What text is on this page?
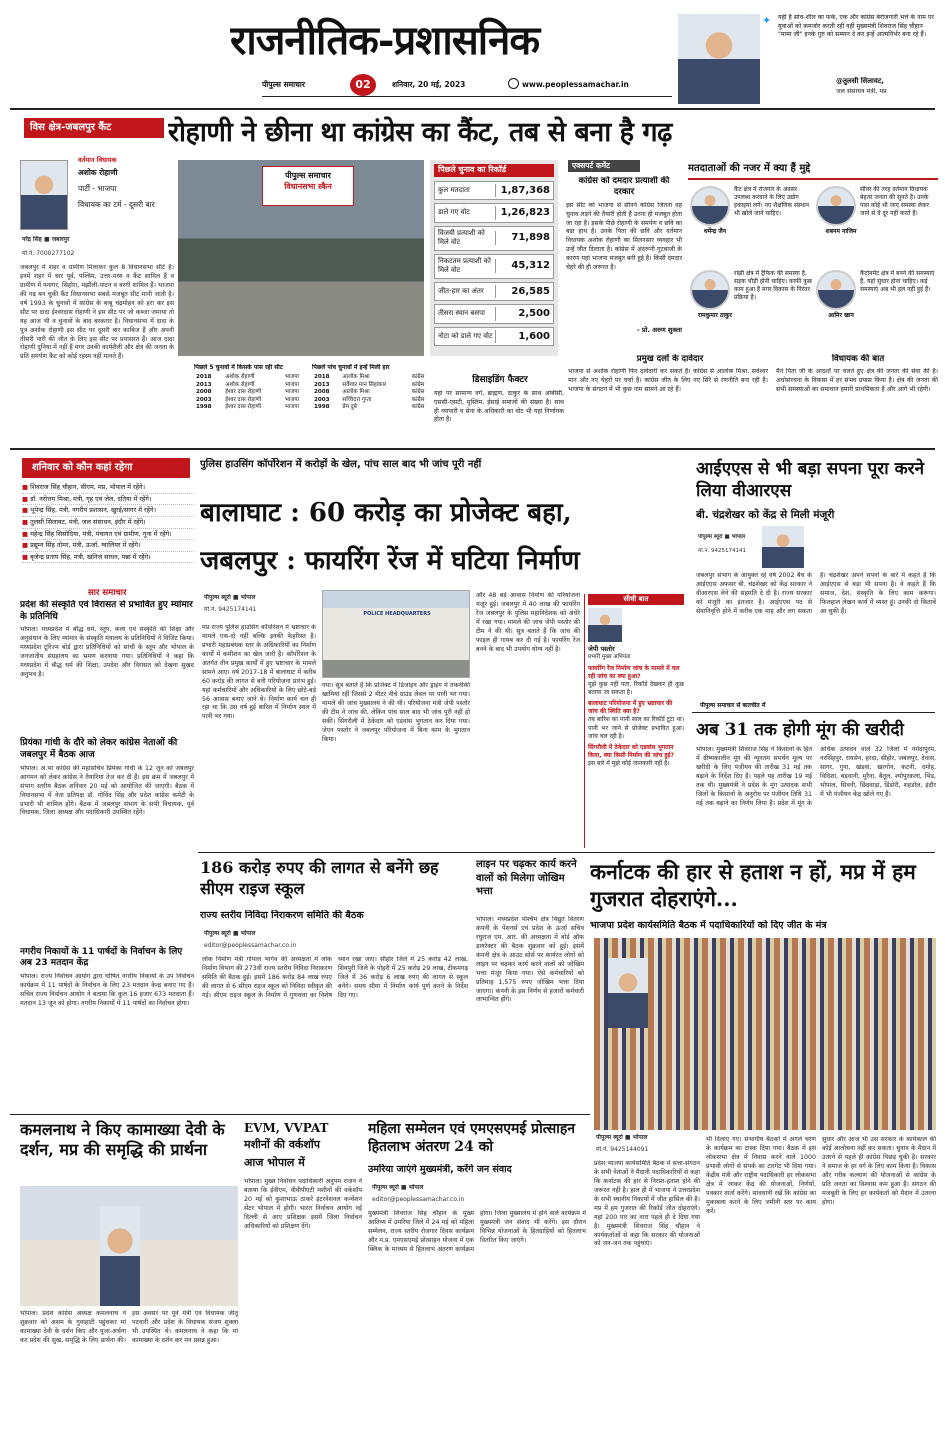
राजनीतिक-प्रशासनिक
पीपुल्स समाचार	02	शनिवार, 20 मई, 2023	www.peoplessamachar.in
✦	यही है सोच-शील का फर्क, एक और कांग्रेस बेरोजगारी भत्ते के नाम पर युवाओं को कमजोर करती रही वहीं मुख्यमंत्री शिवराज सिंह चौहान "मामा जी" इनके गुरु को सम्मान दे कर इन्हें आत्मनिर्भर बना रहे हैं।
@तुलसी सिलावट,
जल संसाधन मंत्री, मप्र
विस क्षेत्र-जबलपुर कैंट	रोहाणी ने छीना था कांग्रेस का कैंट, तब से बना है गढ़
वर्तमान विधायक
अशोक रोहाणी
पार्टी - भाजपा
विधायक का टर्म - दूसरी बार
नरेंद्र सिंह ■ जबलपुर
मो.नं. 7000277102
जबलपुर में शहर व ग्रामीण मिलाकर कुल 8 विधानसभा सीटें हैं। इनमें शहर में चार पूर्व, पश्चिम, उत्तर-मध्य व कैंट शामिल हैं व ग्रामीण में पनागर, सिहोरा, मंझौली-पाटन व बरगी शामिल हैं। भाजपा की गढ़ बन चुकी कैंट विधानसभा सबसे मजबूत सीट मानी जाती है। वर्ष 1993 के चुनावों में कांग्रेस के बाबू चंद्रमोहन को हरा कर इस सीट पर दादा ईश्वरदास रोहाणी ने इस सीट पर जो कब्जा जमाया तो यह आज भी व चुनावों के बाद बरकरार है। विधानसभा में दादा के पुत्र अशोक रोहाणी इस सीट पर दूसरी बार काबिज हैं और अपनी तीसरी पारी की जीत के लिए इस सीट पर प्रयासरत हैं। आज दादा रोहाणी दुनिया में नहीं हैं मगर उनकी कार्यशैली और क्षेत्र की जनता के प्रति समर्पण कैंट को कोई रहस्य नहीं मानते हैं।
पीपुल्स समाचार
विधानसभा स्कैन
पिछले चुनाव का रिकॉर्ड
कुल मतदाता	1,87,368
डाले गए वोट	1,26,823
विजयी प्रत्याशी को मिले वोट	71,898
निकटतम प्रत्याशी को मिले वोट	45,312
जीत-हार का अंतर	26,585
तीसरा स्थान बसपा	2,500
नोटा को डाले गए वोट	1,600
एक्सपर्ट कमेंट
कांग्रेस को दमदार प्रत्याशी की दरकार
इस सीट को भाजपा से छीनने कांग्रेस जितना वह चुनाव लड़ने की तैयारी होती है उतना ही मजबूत होता जा रहा है। इसके पीछे रोहाणी के समर्पण व छवि का बड़ा हाथ है। उनके पिता की छवि और वर्तमान विधायक अशोक रोहाणी का मिलनसार व्यवहार भी उन्हें जीत दिलाता है। कांग्रेस में अंदरूनी गुटबाजी के कारण यहां भाजपा मजबूत बनी हुई है। किसी दमदार चेहरे की ही जरूरत है।
- प्रो. अरुण शुक्ला
मतदाताओं की नजर में क्या हैं मुद्दे
कैंट क्षेत्र में रोजगार के अवसर उपलब्ध करवाने के लिए उद्योग इकाइयां लगें। नए शैक्षणिक संस्थान भी खोले जाने चाहिए।
धर्मेन्द्र जैन
सीवर की तरह वर्तमान विधायक बेहतर जनता की सुनते हैं। उनके पास कोई भी जाए समस्या लेकर जाने से वे दूर नहीं करते हैं।
शबनम नाजिम
रांझी क्षेत्र में ट्रैफिक की समस्या है, सड़क चौड़ी होनी चाहिए। काफी कुछ काम हुआ है मगर विकास के निरंतर प्रक्रिया है।
रामकुमार ठाकुर
कैंटोनमेंट क्षेत्र में बनने की समस्याएं हैं, यहां सुधार होना चाहिए। कई समस्याएं अब भी हल नहीं हुई हैं।
आमिर खान
पिछले 5 चुनावों में किसके पास रही सीट
2018	अशोक रोहाणी	भाजपा
2013	अशोक रोहाणी	भाजपा
2008	ईश्वर दास रोहाणी	भाजपा
2003	ईश्वर दास रोहाणी	भाजपा
1998	ईश्वर दास रोहाणी	भाजपा
पिछले पांच चुनावों में इन्हें मिली हार
2018	आलोक मिश्रा	कांग्रेस
2013	सर्वेश्वर मान सिंहांकार	कांग्रेस
2008	आलोक मिश्रा	कांग्रेस
2003	सच्चिदत्त गुप्ता	कांग्रेस
1998	प्रेम दुबे	कांग्रेस
डिसाइडिंग फैक्टर
यहां पर सामान्य वर्ग, ब्राह्मण, ठाकुर के साथ ओबीसी, एससी-एसटी, मुस्लिम, ईसाई समाजों की संख्या है। साथ ही व्यापारी व सेना के अधिकारी का वोट भी यहां निर्णायक होता है।
प्रमुख दलों के दावेदार
भाजपा से अशोक रोहाणी फिर दावेदारी कर सकते हैं। कांग्रेस से आलोक मिश्रा, सर्वेश्वर मान और नए चेहरों पर चर्चा है। कांग्रेस जीत के लिए नए सिरे से रणनीति बना रही है। भाजपा के संगठन में भी कुछ नाम सामने आ रहे हैं।
विधायक की बात
मैंने पिता जी के आदर्शों पर चलते हुए क्षेत्र की जनता की सेवा की है। अधोसंरचना के विकास में हर संभव प्रयास किया है। क्षेत्र की जनता की सभी समस्याओं का समाधान हमारी प्राथमिकता है और आगे भी रहेगी।
शनिवार को कौन कहां रहेगा
■ शिवराज सिंह चौहान, सीएम, मप्र, भोपाल में रहेंगे।
■ डॉ. नरोत्तम मिश्रा, मंत्री, गृह एवं जेल, दतिया में रहेंगे।
■ भूपेन्द्र सिंह, मंत्री, नगरीय प्रशासन, खुरई/सागर में रहेंगे।
■ तुलसी सिलावट, मंत्री, जल संसाधन, इंदौर में रहेंगे।
■ महेन्द्र सिंह सिसोदिया, मंत्री, पंचायत एवं ग्रामीण, गुना में रहेंगे।
■ प्रद्युम्न सिंह तोमर, मंत्री, ऊर्जा, ग्वालियर में रहेंगे।
■ बृजेन्द्र प्रताप सिंह, मंत्री, खनिज साधन, पन्ना में रहेंगे।
सार समाचार
प्रदेश की संस्कृति एवं विरासत से प्रभावित हुए म्यांमार के प्रतिनिधि
भोपाल। मध्यप्रदेश में बौद्ध धर्म, स्तूप, कला एवं संस्कृति की शिक्षा और अनुसंधान के लिए म्यांमार के संस्कृति मंत्रालय के प्रतिनिधियों ने विजिट किया। मध्यप्रदेश टूरिज्म बोर्ड द्वारा प्रतिनिधियों को सांची के स्तूप और भोपाल के जनजातीय संग्रहालय का भ्रमण करवाया गया। प्रतिनिधियों ने कहा कि मध्यप्रदेश में बौद्ध धर्म की शिक्षा, उपदेश और विरासत को देखना सुखद अनुभव है।
प्रियंका गांधी के दौरे को लेकर कांग्रेस नेताओं की जबलपुर में बैठक आज
भोपाल। अ.भा कांग्रेस की महासचिव प्रियंका गांधी के 12 जून को जबलपुर आगमन को लेकर कांग्रेस ने तैयारियां तेज कर दी हैं। इस क्रम में जबलपुर में संभाग स्तरीय बैठक शनिवार 20 मई को आयोजित की जाएगी। बैठक में विधानसभा में नेता प्रतिपक्ष डॉ. गोविंद सिंह और प्रदेश कांग्रेस कमेटी के प्रभारी भी शामिल होंगे। बैठक में जबलपुर संभाग के सभी विधायक, पूर्व विधायक, जिला अध्यक्ष और पदाधिकारी उपस्थित रहेंगे।
नगरीय निकायों के 11 पार्षदों के निर्वाचन के लिए अब 23 मतदान केंद्र
भोपाल। राज्य निर्वाचन आयोग द्वारा घोषित नगरीय निकायों के उप निर्वाचन कार्यक्रम में 11 पार्षदों के निर्वाचन के लिए 23 मतदान केन्द्र बनाए गए हैं। सचिव राज्य निर्वाचन आयोग ने बताया कि कुल 16 हजार 673 मतदाता हैं। मतदान 13 जून को होगा। नगरीय निकायों में 11 पार्षदों का निर्वाचन होगा।
पुलिस हाउसिंग कॉर्पोरेशन में करोड़ों के खेल, पांच साल बाद भी जांच पूरी नहीं
बालाघाट : 60 करोड़ का प्रोजेक्ट बहा,
जबलपुर : फायरिंग रेंज में घटिया निर्माण
पीपुल्स ब्यूरो ■ भोपाल
मो.नं. 9425174141
POLICE HEADQUARTERS
मप्र राज्य पुलिस हाउसिंग कॉर्पोरेशन में भ्रष्टाचार के मामले एक-दो नहीं बल्कि इनकी फेहरिस्त है। प्रभारी महाप्रबंधक स्तर के अधिकारियों का निर्माण कार्यों में कमीशन का खेल जारी है। कॉर्पोरेशन के अंतर्गत तीन प्रमुख कार्यों में हुए भ्रष्टाचार के मामले सामने आए। वर्ष 2017-18 में बालाघाट में करीब 60 करोड़ की लागत से बनी परियोजना प्रारंभ हुई। यहां कर्मचारियों और अधिकारियों के लिए छोटे-बड़े 56 आवास बनाए जाने थे। निर्माण कार्य चल ही रहा था कि उस वर्ष हुई बारिश में निर्माण स्थल में पानी भर गया।
गया। सूत्र बताते हैं कि प्रोजेक्ट में डिजाइन और ड्राइंग में तकनीकी खामियां रहीं जिससे 2 मीटर नीचे ग्राउंड लेवल पर पानी भर गया। मामले की जांच मुख्यालय ने की थी। परियोजना मंत्री जेपी पस्तोर की टीम ने जांच की, लेकिन पांच साल बाद भी जांच पूरी नहीं हो सकी। सिंगरौली में ठेकेदार को एडवांस भुगतान कर दिया गया। जेएन पस्तोर ने जबलपुर परियोजना में बिना काम के भुगतान किया।
और 48 बड़े आवास निर्माण की परियोजना मंजूर हुई। जबलपुर में 40 लाख की फायरिंग रेंज जबलपुर के पुलिस महानिदेशक को अंधेरे में रखा गया। मामले की जांच जेपी पस्तोर की टीम ने की थी। सूत्र बताते हैं कि जांच की फाइल ही गायब कर दी गई है। फायरिंग रेंज बनने के बाद भी उपयोग योग्य नहीं है।
सीधी बात
जेपी पस्तोर
प्रभारी मुख्य अभियंता
फायरिंग रेंज निर्माण जांच के मामले में चल रही जांच का क्या हुआ?
मुझे कुछ नहीं पता, रिकॉर्ड देखकर ही कुछ बताया जा सकता है।
बालाघाट परियोजना में हुए भ्रष्टाचार की जांच की स्थिति क्या है?
तब बारिश का पानी साल का रिकॉर्ड टूटा था। पानी भर जाने से प्रोजेक्ट प्रभावित हुआ। जांच चल रही है।
सिंगरौली में ठेकेदार को एडवांस भुगतान किया, क्या किसी निर्माण की जांच हुई?
इस बारे में मुझे कोई जानकारी नहीं है।
आईएएस से भी बड़ा सपना पूरा करने लिया वीआरएस
बी. चंद्रशेखर को केंद्र से मिली मंजूरी
पीपुल्स ब्यूरो ■ भोपाल
मो.नं. 9425174141
जबलपुर संभाग के आयुक्त रहे वर्ष 2002 बैच के आईएएस अफसर बी. चंद्रशेखर को केंद्र सरकार ने वीआरएस लेने की सहमति दे दी है। राज्य सरकार को मंजूरी का इंतजार है। आईएएस पद से सेवानिवृत्ति होने में करीब एक माह और लग सकता है। चंद्रशेखर अपने सपनों के बारे में कहते हैं कि आईएएस से बड़ा भी सपना है। वे कहते हैं कि समाज, देश, संस्कृति के लिए काम करूंगा। फिलहाल लेखन कार्य में व्यस्त हूं। उनकी दो किताबें आ चुकी हैं।
पीपुल्स समाचार से बातचीत में
अब 31 तक होगी मूंग की खरीदी
भोपाल। मुख्यमंत्री शिवराज सिंह ने किसानों के हित में ग्रीष्मकालीन मूंग की न्यूनतम समर्थन मूल्य पर खरीदी के लिए पंजीयन की तारीख 31 मई तक बढ़ाने के निर्देश दिए हैं। पहले यह तारीख 19 मई तक थी। मुख्यमंत्री ने प्रदेश के मूंग उत्पादक सभी जिलों के किसानों के अनुरोध पर पंजीयन तिथि 31 मई तक बढ़ाने का निर्णय लिया है। प्रदेश में मूंग के अधिक उत्पादन वाले 32 जिलों में नर्मदापुरम, नरसिंहपुर, रायसेन, हरदा, सीहोर, जबलपुर, देवास, सागर, गुना, खंडवा, खरगोन, कटनी, दमोह, विदिशा, बड़वानी, मुरैना, बैतूल, श्योपुरकलां, भिंड, भोपाल, सिवनी, छिंदवाड़ा, डिंडोरी, शहडोल, इंदौर में भी पंजीयन केंद्र खोले गए हैं।
186 करोड़ रुपए की लागत से बनेंगे छह सीएम राइज स्कूल
राज्य स्तरीय निविदा निराकरण समिति की बैठक
पीपुल्स ब्यूरो ■ भोपाल
editor@peoplessamachar.co.in
लोक निर्माण मंत्री गोपाल भार्गव की अध्यक्षता में लोक निर्माण विभाग की 273वीं राज्य स्तरीय निविदा निराकरण समिति की बैठक हुई। इसमें 186 करोड़ 84 लाख रुपए की लागत से 6 सीएम राइज स्कूल को निविदा स्वीकृत की गई। सीएम राइज स्कूल के निर्माण में गुणवत्ता का विशेष ध्यान रखा जाए। सीहोर जिले में 25 करोड़ 42 लाख, शिवपुरी जिले के पोहरी में 25 करोड़ 29 लाख, टीकमगढ़ जिले में 36 करोड़ 6 लाख रुपए की लागत से स्कूल बनेंगे। समय सीमा में निर्माण कार्य पूर्ण करने के निर्देश दिए गए।
लाइन पर चढ़कर कार्य करने वालों को मिलेगा जोखिम भत्ता
भोपाल। मध्यप्रदेश पश्चिम क्षेत्र विद्युत वितरण कंपनी के पेंशनर्स एवं प्रदेश के ऊर्जा सचिव रघुराज एम. आर. की अध्यक्षता में बोर्ड ऑफ डायरेक्टर की बैठक शुक्रवार को हुई। इसमें कंपनी क्षेत्र के आउट सोर्स पर कार्यरत लोगों को लाइन पर चढ़कर कार्य करने वालों को जोखिम भत्ता मंजूर किया गया। ऐसे कर्मचारियों को प्रतिमाह 1,575 रुपए जोखिम भत्ता दिया जाएगा। कंपनी के इस निर्णय से हजारों कर्मचारी लाभान्वित होंगे।
कर्नाटक की हार से हताश न हों, मप्र में हम गुजरात दोहराएंगे...
भाजपा प्रदेश कार्यसमिति बैठक में पदाधिकारियों को दिए जीत के मंत्र
कमलनाथ ने किए कामाख्या देवी के दर्शन, मप्र की समृद्धि की प्रार्थना
भोपाल। प्रदेश कांग्रेस अध्यक्ष कमलनाथ ने शुक्रवार को असम के गुवाहाटी पहुंचकर मां कामाख्या देवी के दर्शन किए और पूजा-अर्चना कर प्रदेश की सुख, समृद्धि के लिए प्रार्थना की। इस अवसर पर पूर्व मंत्री एवं विधायक जीतू पटवारी और प्रदेश के विधायक संजय शुक्ला भी उपस्थित थे। कमलनाथ ने कहा कि मां कामाख्या के दर्शन कर मन प्रसन्न हुआ।
EVM, VVPAT
मशीनों की वर्कशॉप
आज भोपाल में
भोपाल। मुख्य निर्वाचन पदाधिकारी अनुपम राजन ने बताया कि ईवीएम, वीवीपीएटी मशीनों की वर्कशॉप 20 मई को कुशाभाऊ ठाकरे इंटरनेशनल कन्वेंशन सेंटर भोपाल में होगी। भारत निर्वाचन आयोग नई दिल्ली से आए प्रशिक्षक इसमें जिला निर्वाचन अधिकारियों को प्रशिक्षण देंगे।
महिला सम्मेलन एवं एमएसएमई प्रोत्साहन हितलाभ अंतरण 24 को
उमरिया जाएंगे मुख्यमंत्री, करेंगे जन संवाद
पीपुल्स ब्यूरो ■ भोपाल
editor@peoplessamachar.co.in
मुख्यमंत्री शिवराज सिंह चौहान के मुख्य आतिथ्य में उमरिया जिले में 24 मई को महिला सम्मेलन, राज्य स्तरीय रोजगार दिवस कार्यक्रम और म.प्र. एमएसएमई प्रोत्साहन योजना में एक क्लिक के माध्यम से हितलाभ अंतरण कार्यक्रम होगा। जिला मुख्यालय में होने वाले कार्यक्रम में मुख्यमंत्री जन संवाद भी करेंगे। इस दौरान विभिन्न योजनाओं के हितग्राहियों को हितलाभ वितरित किए जाएंगे।
पीपुल्स ब्यूरो ■ भोपाल
मो.नं. 9425144091
प्रदेश भाजपा कार्यसमिति बैठक में सत्ता-संगठन के सभी नेताओं ने मैदानी पदाधिकारियों से कहा कि कर्नाटक की हार से निराश-हताश होने की जरूरत नहीं है। हाल ही में भाजपा ने उत्तरप्रदेश के सभी स्थानीय निकायों में जीत हासिल की है। मप्र में हम गुजरात की रिकॉर्ड जीत दोहराएंगे। यहां 200 पार का नारा पहले ही दे दिया गया है। मुख्यमंत्री शिवराज सिंह चौहान ने कार्यकर्ताओं से कहा कि सरकार की योजनाओं को जन-जन तक पहुंचाएं।
भी दिलाए गए। संभागीय बैठकों में अगले चरण के कार्यक्रम का टास्क दिया गया। बैठक में इस लोकसभा क्षेत्र में निवास करने वाले 1000 प्रभावी लोगों से संपर्क का टारगेट भी दिया गया। केंद्रीय मंत्री और राष्ट्रीय पदाधिकारी हर लोकसभा क्षेत्र में जाकर केंद्र की योजनाओं, निर्णयों, पत्रकार वार्ता करेंगे। सावधानी रखें कि कांग्रेस का मुकाबला करने के लिए जमीनी स्तर पर काम करें।
सुधार और आज भी उस सरकार के कार्यकाल की कोई आलोचना नहीं कर सकता। चुनाव के मैदान में उतरने से पहले ही कांग्रेस पिछड़ चुकी है। सरकार ने समाज के हर वर्ग के लिए काम किया है। विकास और गरीब कल्याण की योजनाओं से कांग्रेस के प्रति जनता का विश्वास कम हुआ है। संगठन की मजबूती के लिए हर कार्यकर्ता को मैदान में उतरना होगा।
